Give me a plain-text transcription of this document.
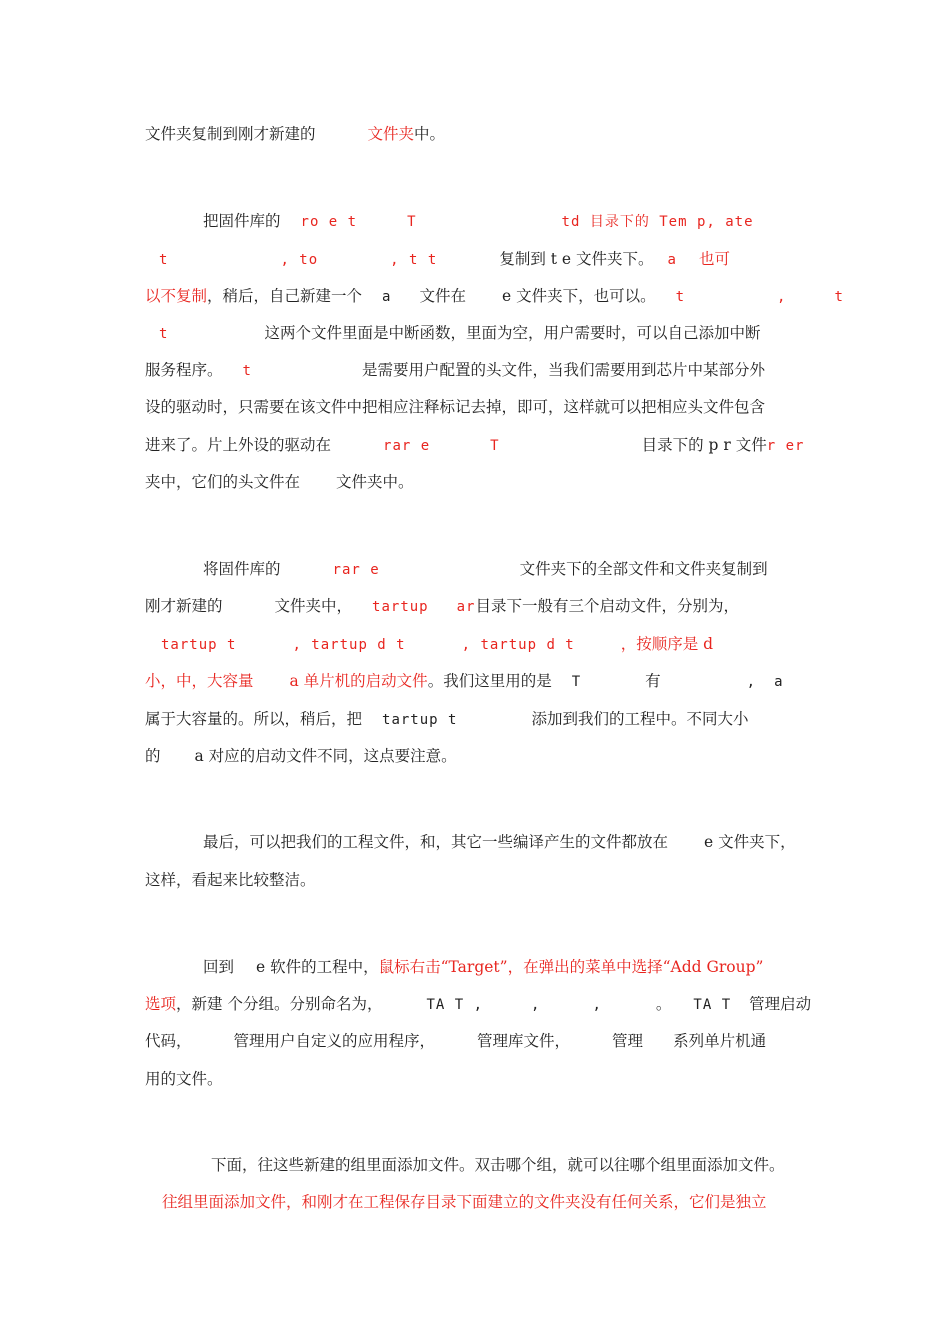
文件夹复制到刚才新建的	文件夹中。
把固件库的 ro e t	T	td 目录下的 Tem p, ate
t	, to	, t t	复制到 t e 文件夹下。 a 也可
以不复制，稍后，自己新建一个 a 文件在 e 文件夹下，也可以。 t	,	t
t	这两个文件里面是中断函数，里面为空，用户需要时，可以自己添加中断
服务程序。 t	是需要用户配置的头文件，当我们需要用到芯片中某部分外
设的驱动时，只需要在该文件中把相应注释标记去掉，即可，这样就可以把相应头文件包含
进来了。片上外设的驱动在	rar e	T	目录下的 p r 文件r er
夹中，它们的头文件在 文件夹中。
将固件库的	rar e	文件夹下的全部文件和文件夹复制到
刚才新建的	文件夹中， tartup ar目录下一般有三个启动文件，分别为，
tartup t	, tartup d t	, tartup d t	，按顺序是 d
小，中，大容量 a 单片机的启动文件。我们这里用的是 T	有	, a
属于大容量的。所以，稍后，把 tartup t	添加到我们的工程中。不同大小
的 a 对应的启动文件不同，这点要注意。
最后，可以把我们的工程文件，和，其它一些编译产生的文件都放在 e 文件夹下，
这样，看起来比较整洁。
回到 e 软件的工程中，鼠标右击“Target”，在弹出的菜单中选择“Add Group”
选项，新建 个分组。分别命名为，	TA T ,	,	,	。 TA T 管理启动
代码，	管理用户自定义的应用程序，	管理库文件，	管理 系列单片机通
用的文件。
下面，往这些新建的组里面添加文件。双击哪个组，就可以往哪个组里面添加文件。
往组里面添加文件，和刚才在工程保存目录下面建立的文件夹没有任何关系，它们是独立
